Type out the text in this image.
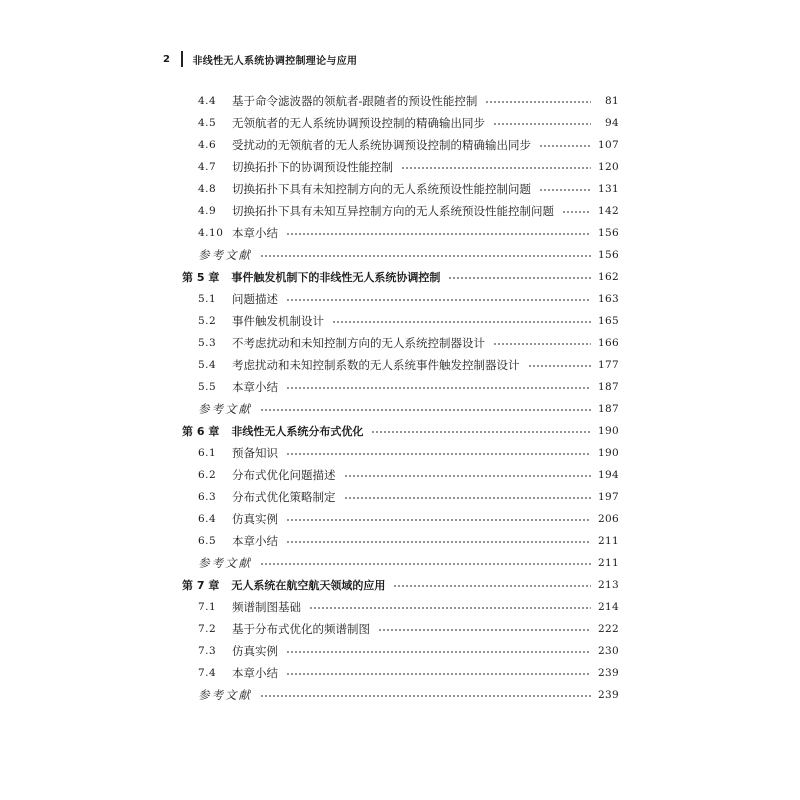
2	非线性无人系统协调控制理论与应用
4.4	基于命令滤波器的领航者-跟随者的预设性能控制	81
4.5	无领航者的无人系统协调预设控制的精确输出同步	94
4.6	受扰动的无领航者的无人系统协调预设控制的精确输出同步	107
4.7	切换拓扑下的协调预设性能控制	120
4.8	切换拓扑下具有未知控制方向的无人系统预设性能控制问题	131
4.9	切换拓扑下具有未知互异控制方向的无人系统预设性能控制问题	142
4.10 本章小结	156
参考文献	156
第 5 章 事件触发机制下的非线性无人系统协调控制	162
5.1	问题描述	163
5.2	事件触发机制设计	165
5.3	不考虑扰动和未知控制方向的无人系统控制器设计	166
5.4	考虑扰动和未知控制系数的无人系统事件触发控制器设计	177
5.5	本章小结	187
参考文献	187
第 6 章 非线性无人系统分布式优化	190
6.1	预备知识	190
6.2	分布式优化问题描述	194
6.3	分布式优化策略制定	197
6.4	仿真实例	206
6.5	本章小结	211
参考文献	211
第 7 章 无人系统在航空航天领域的应用	213
7.1	频谱制图基础	214
7.2	基于分布式优化的频谱制图	222
7.3	仿真实例	230
7.4	本章小结	239
参考文献	239
